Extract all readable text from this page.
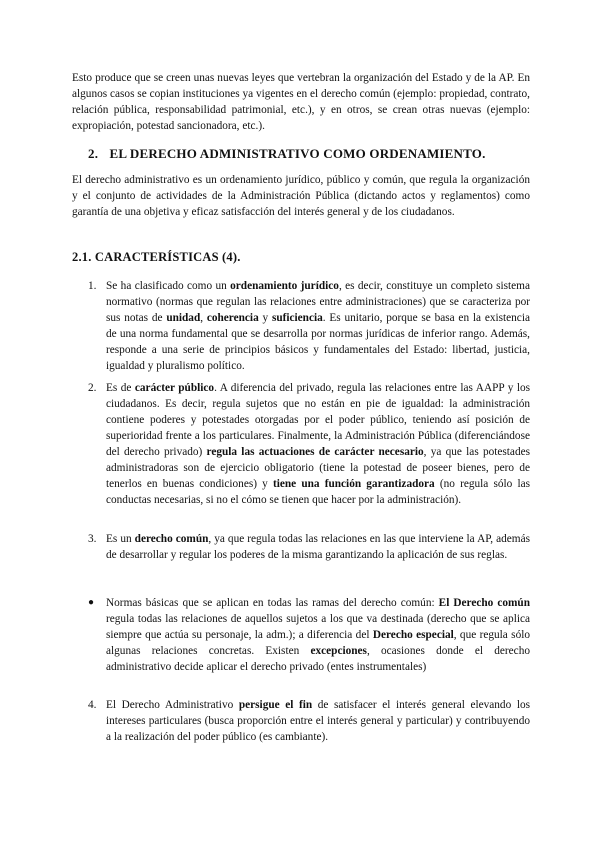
Esto produce que se creen unas nuevas leyes que vertebran la organización del Estado y de la AP. En algunos casos se copian instituciones ya vigentes en el derecho común (ejemplo: propiedad, contrato, relación pública, responsabilidad patrimonial, etc.), y en otros, se crean otras nuevas (ejemplo: expropiación, potestad sancionadora, etc.).

2. EL DERECHO ADMINISTRATIVO COMO ORDENAMIENTO.

El derecho administrativo es un ordenamiento jurídico, público y común, que regula la organización y el conjunto de actividades de la Administración Pública (dictando actos y reglamentos) como garantía de una objetiva y eficaz satisfacción del interés general y de los ciudadanos.

2.1. CARACTERÍSTICAS (4).
1. Se ha clasificado como un ordenamiento jurídico, es decir, constituye un completo sistema normativo (normas que regulan las relaciones entre administraciones) que se caracteriza por sus notas de unidad, coherencia y suficiencia. Es unitario, porque se basa en la existencia de una norma fundamental que se desarrolla por normas jurídicas de inferior rango. Además, responde a una serie de principios básicos y fundamentales del Estado: libertad, justicia, igualdad y pluralismo político.
2. Es de carácter público. A diferencia del privado, regula las relaciones entre las AAPP y los ciudadanos. Es decir, regula sujetos que no están en pie de igualdad: la administración contiene poderes y potestades otorgadas por el poder público, teniendo así posición de superioridad frente a los particulares. Finalmente, la Administración Pública (diferenciándose del derecho privado) regula las actuaciones de carácter necesario, ya que las potestades administradoras son de ejercicio obligatorio (tiene la potestad de poseer bienes, pero de tenerlos en buenas condiciones) y tiene una función garantizadora (no regula sólo las conductas necesarias, si no el cómo se tienen que hacer por la administración).
3. Es un derecho común, ya que regula todas las relaciones en las que interviene la AP, además de desarrollar y regular los poderes de la misma garantizando la aplicación de sus reglas.
● Normas básicas que se aplican en todas las ramas del derecho común: El Derecho común regula todas las relaciones de aquellos sujetos a los que va destinada (derecho que se aplica siempre que actúa su personaje, la adm.); a diferencia del Derecho especial, que regula sólo algunas relaciones concretas. Existen excepciones, ocasiones donde el derecho administrativo decide aplicar el derecho privado (entes instrumentales)
4. El Derecho Administrativo persigue el fin de satisfacer el interés general elevando los intereses particulares (busca proporción entre el interés general y particular) y contribuyendo a la realización del poder público (es cambiante).
